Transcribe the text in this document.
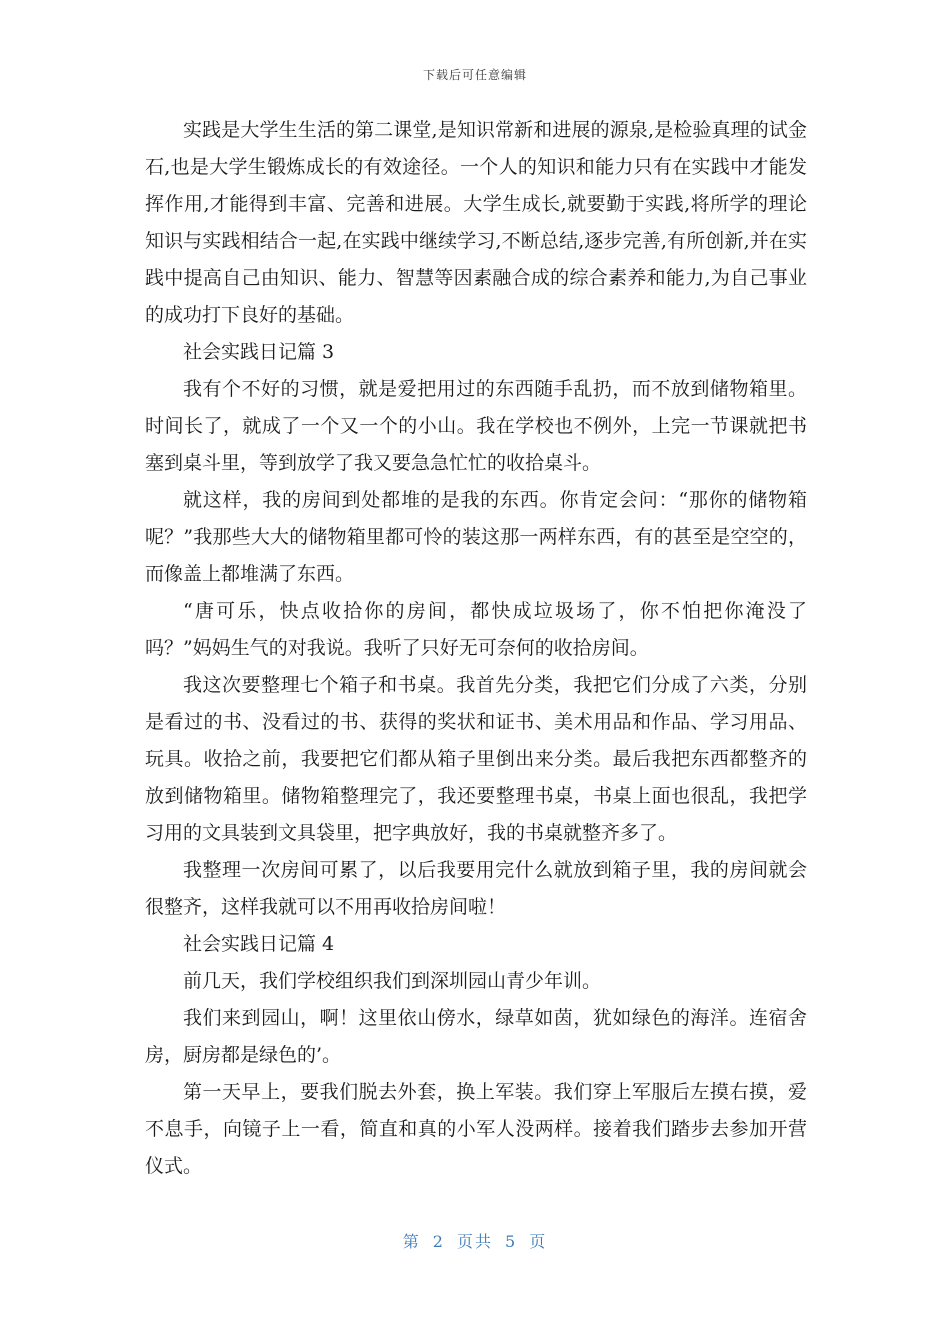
下载后可任意编辑

实践是大学生生活的第二课堂,是知识常新和进展的源泉,是检验真理的试金石,也是大学生锻炼成长的有效途径。一个人的知识和能力只有在实践中才能发挥作用,才能得到丰富、完善和进展。大学生成长,就要勤于实践,将所学的理论知识与实践相结合一起,在实践中继续学习,不断总结,逐步完善,有所创新,并在实践中提高自己由知识、能力、智慧等因素融合成的综合素养和能力,为自己事业的成功打下良好的基础。

社会实践日记篇 3

我有个不好的习惯，就是爱把用过的东西随手乱扔，而不放到储物箱里。时间长了，就成了一个又一个的小山。我在学校也不例外，上完一节课就把书塞到桌斗里，等到放学了我又要急急忙忙的收拾桌斗。

就这样，我的房间到处都堆的是我的东西。你肯定会问：“那你的储物箱呢？”我那些大大的储物箱里都可怜的装这那一两样东西，有的甚至是空空的，而像盖上都堆满了东西。

“唐可乐，快点收拾你的房间，都快成垃圾场了，你不怕把你淹没了吗？”妈妈生气的对我说。我听了只好无可奈何的收拾房间。

我这次要整理七个箱子和书桌。我首先分类，我把它们分成了六类，分别是看过的书、没看过的书、获得的奖状和证书、美术用品和作品、学习用品、玩具。收拾之前，我要把它们都从箱子里倒出来分类。最后我把东西都整齐的放到储物箱里。储物箱整理完了，我还要整理书桌，书桌上面也很乱，我把学习用的文具装到文具袋里，把字典放好，我的书桌就整齐多了。

我整理一次房间可累了，以后我要用完什么就放到箱子里，我的房间就会很整齐，这样我就可以不用再收拾房间啦！

社会实践日记篇 4

前几天，我们学校组织我们到深圳园山青少年训。

我们来到园山，啊！这里依山傍水，绿草如茵，犹如绿色的海洋。连宿舍房，厨房都是绿色的’。

第一天早上，要我们脱去外套，换上军装。我们穿上军服后左摸右摸，爱不息手，向镜子上一看，简直和真的小军人没两样。接着我们踏步去参加开营仪式。

第 2 页共 5 页
